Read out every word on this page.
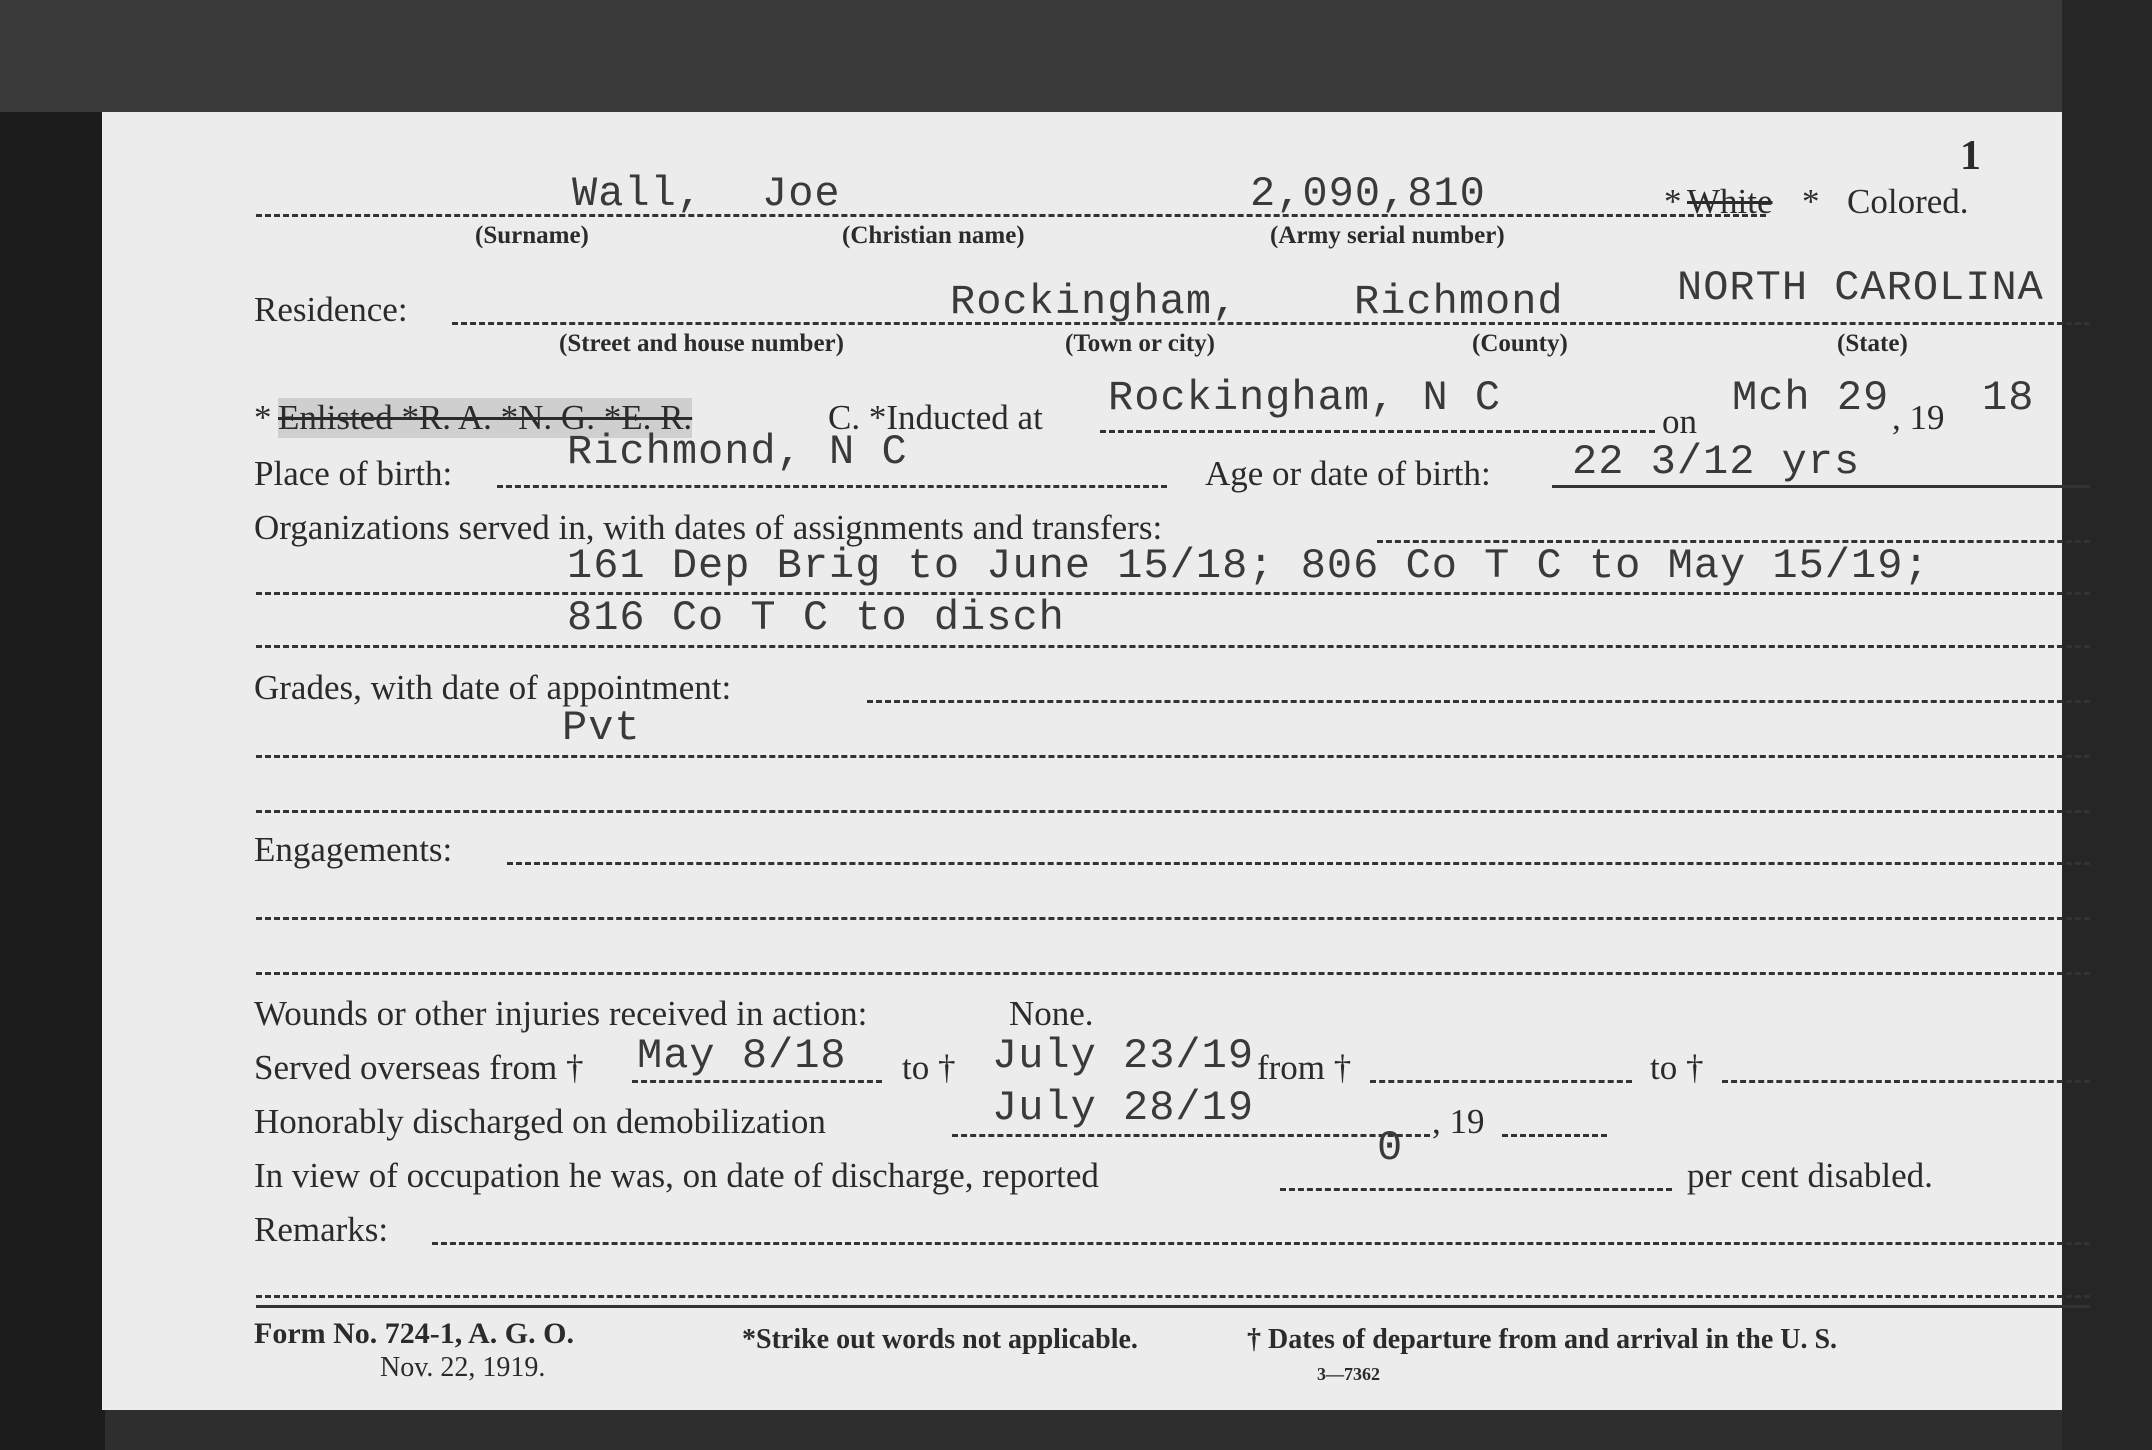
1
Wall, Joe	2,090,810	* White * Colored.
(Surname)	(Christian name)	(Army serial number)
Residence:	Rockingham,	Richmond	NORTH CAROLINA
(Street and house number)	(Town or city)	(County)	(State)
* Enlisted *R. A. *N. G. *E. R.	C. *Inducted at Rockingham, N C	on Mch 29 , 19 18
Place of birth:	Richmond, N C	Age or date of birth: 22 3/12 yrs
Organizations served in, with dates of assignments and transfers:
161 Dep Brig to June 15/18; 806 Co T C to May 15/19;
816 Co T C to disch
Grades, with date of appointment:
Pvt
Engagements:
Wounds or other injuries received in action:	None.
Served overseas from † May 8/18 to † July 23/19 from †	to †
Honorably discharged on demobilization	July 28/19	, 19
In view of occupation he was, on date of discharge, reported
0
per cent disabled.
Remarks:
Form No. 724-1, A. G. O.
Nov. 22, 1919.
*Strike out words not applicable.	† Dates of departure from and arrival in the U. S.
3—7362
